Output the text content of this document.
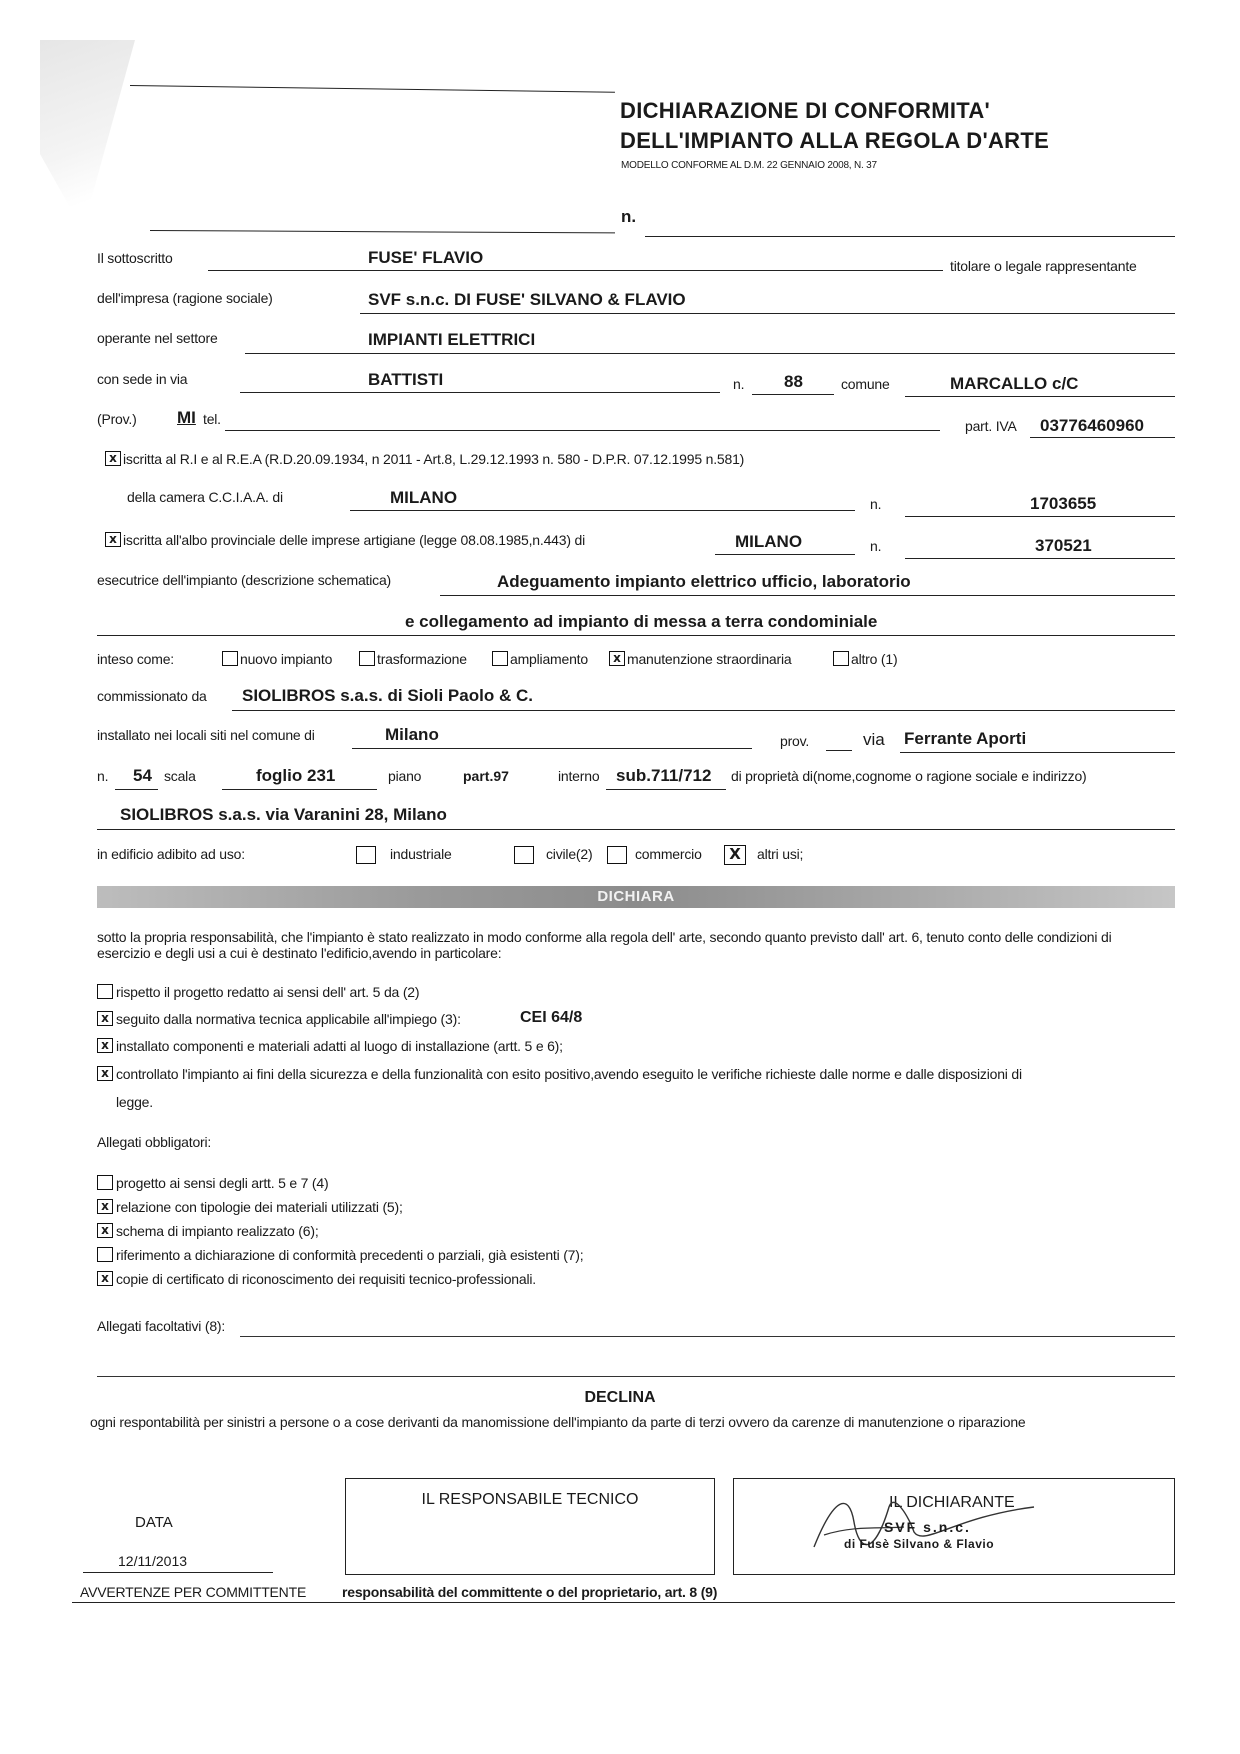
DICHIARAZIONE DI CONFORMITA'
DELL'IMPIANTO ALLA REGOLA D'ARTE
MODELLO CONFORME AL D.M. 22 GENNAIO 2008, N. 37
n.
Il sottoscritto	FUSE' FLAVIO	titolare o legale rappresentante
dell'impresa (ragione sociale)	SVF s.n.c. DI FUSE' SILVANO & FLAVIO
operante nel settore	IMPIANTI ELETTRICI
con sede in via	BATTISTI	n. 88	comune	MARCALLO c/C
(Prov.) MI tel.	part. IVA 03776460960
x iscritta al R.I e al R.E.A (R.D.20.09.1934, n 2011 - Art.8, L.29.12.1993 n. 580 - D.P.R. 07.12.1995 n.581)
della camera C.C.I.A.A. di	MILANO	n.	1703655
x iscritta all'albo provinciale delle imprese artigiane (legge 08.08.1985,n.443) di	MILANO	n.	370521
esecutrice dell'impianto (descrizione schematica)	Adeguamento impianto elettrico ufficio, laboratorio
e collegamento ad impianto di messa a terra condominiale
inteso come:	nuovo impianto	trasformazione	ampliamento	x manutenzione straordinaria	altro (1)
commissionato da SIOLIBROS s.a.s. di Sioli Paolo & C.
installato nei locali siti nel comune di	Milano	prov.	via Ferrante Aporti
n. 54 scala	foglio 231	piano	part.97	interno sub.711/712 di proprietà di(nome,cognome o ragione sociale e indirizzo)
SIOLIBROS s.a.s. via Varanini 28, Milano
in edificio adibito ad uso:	industriale	civile(2)	commercio	X	altri usi;
DICHIARA
sotto la propria responsabilità, che l'impianto è stato realizzato in modo conforme alla regola dell' arte, secondo quanto previsto dall' art. 6, tenuto conto delle condizioni di esercizio e degli usi a cui è destinato l'edificio,avendo in particolare:
rispetto il progetto redatto ai sensi dell' art. 5 da (2)
x seguito dalla normativa tecnica applicabile all'impiego (3):	CEI 64/8
x installato componenti e materiali adatti al luogo di installazione (artt. 5 e 6);
x controllato l'impianto ai fini della sicurezza e della funzionalità con esito positivo,avendo eseguito le verifiche richieste dalle norme e dalle disposizioni di
legge.
Allegati obbligatori:
progetto ai sensi degli artt. 5 e 7 (4)
x relazione con tipologie dei materiali utilizzati (5);
x schema di impianto realizzato (6);
riferimento a dichiarazione di conformità precedenti o parziali, già esistenti (7);
x copie di certificato di riconoscimento dei requisiti tecnico-professionali.
Allegati facoltativi (8):
DECLINA
ogni respontabilità per sinistri a persone o a cose derivanti da manomissione dell'impianto da parte di terzi ovvero da carenze di manutenzione o riparazione
DATA
12/11/2013
IL RESPONSABILE TECNICO	IL DICHIARANTE
SVF s.n.c.
di Fusè Silvano & Flavio
AVVERTENZE PER COMMITTENTE	responsabilità del committente o del proprietario, art. 8 (9)
